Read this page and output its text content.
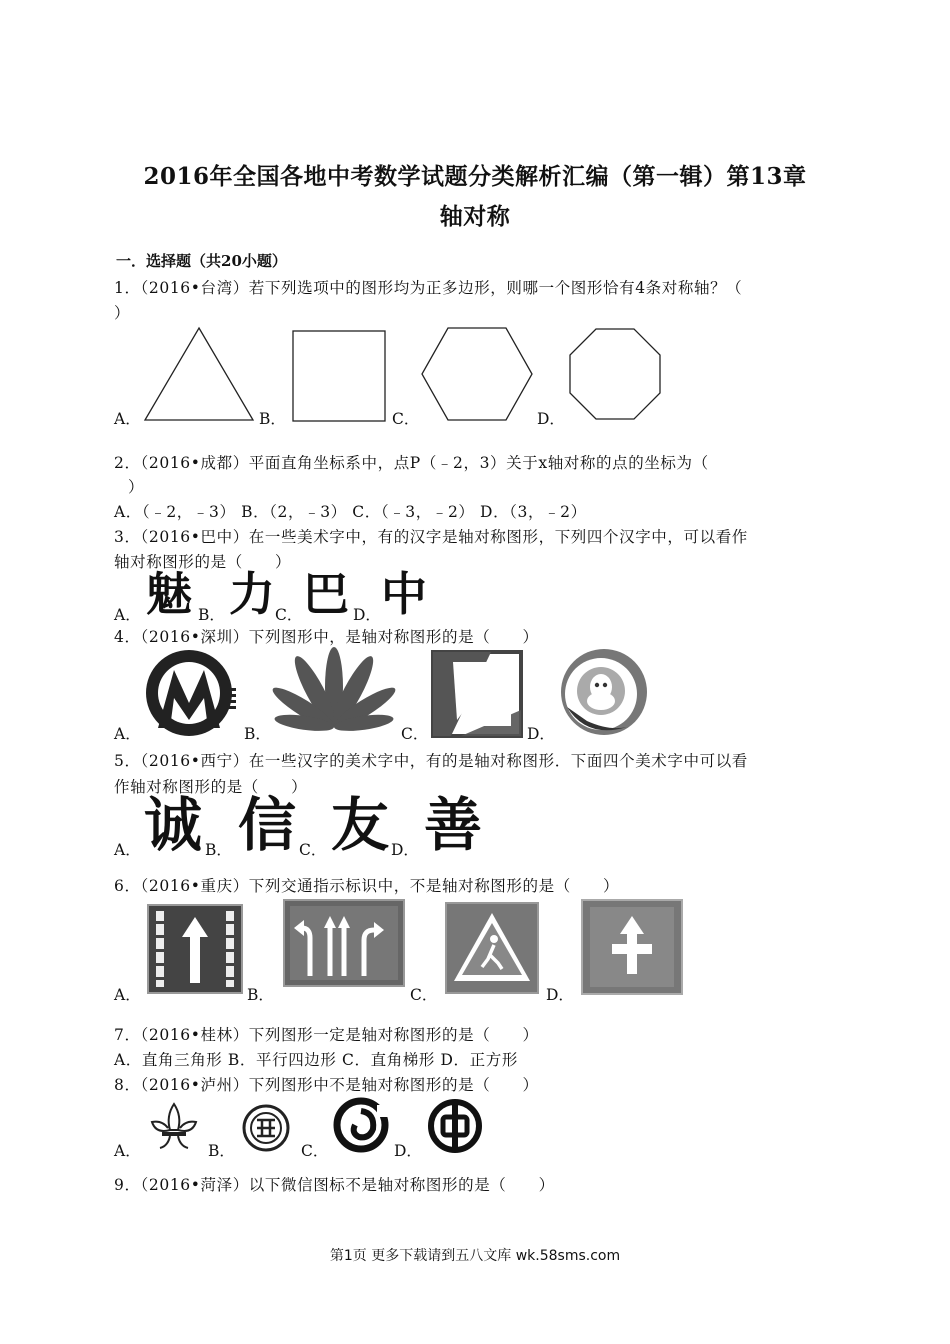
2016年全国各地中考数学试题分类解析汇编（第一辑）第13章
轴对称
一．选择题（共20小题）
1．（2016•台湾）若下列选项中的图形均为正多边形，则哪一个图形恰有4条对称轴？（
）
A．	B．	C．	D．
2．（2016•成都）平面直角坐标系中，点P（﹣2，3）关于x轴对称的点的坐标为（
）
A．（﹣2，﹣3） B．（2，﹣3） C．（﹣3，﹣2） D．（3，﹣2）
3．（2016•巴中）在一些美术字中，有的汉字是轴对称图形，下列四个汉字中，可以看作
轴对称图形的是（　　）
A． 魅 B． 力 C． 巴 D． 中
4．（2016•深圳）下列图形中，是轴对称图形的是（　　）
A．	B．	C．	D．
5．（2016•西宁）在一些汉字的美术字中，有的是轴对称图形．下面四个美术字中可以看
作轴对称图形的是（　　）
A． 诚 B． 信 C． 友 D． 善
6．（2016•重庆）下列交通指示标识中，不是轴对称图形的是（　　）
A．	B．	C．	D．
7．（2016•桂林）下列图形一定是轴对称图形的是（　　）
A．直角三角形 B．平行四边形 C．直角梯形 D．正方形
8．（2016•泸州）下列图形中不是轴对称图形的是（　　）
A．	B．	C．	D．
9．（2016•菏泽）以下微信图标不是轴对称图形的是（　　）
第1页 更多下载请到五八文库 wk.58sms.com
